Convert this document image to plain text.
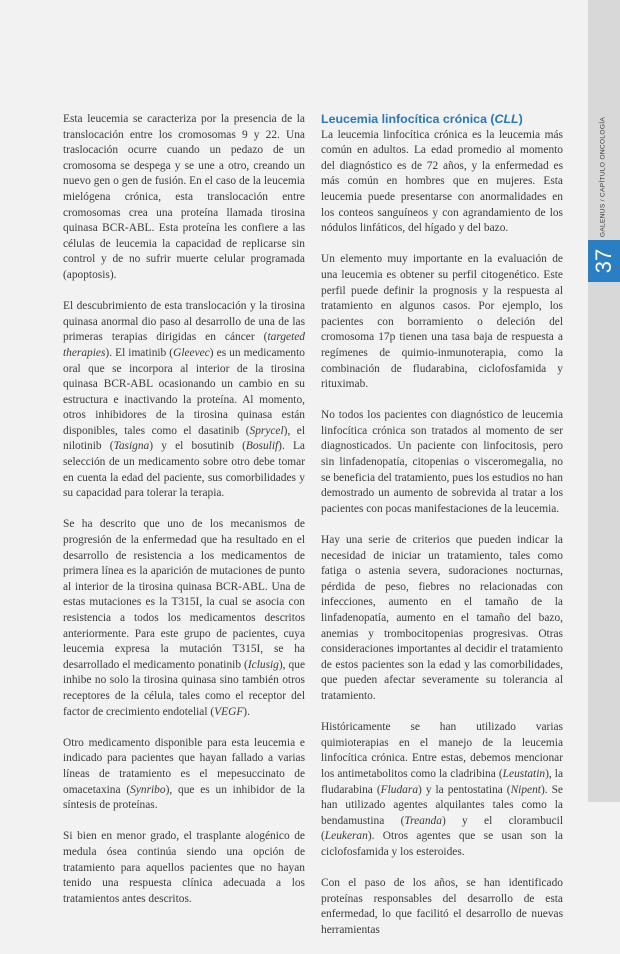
GALENUS / CAPÍTULO ONCOLOGÍA
37

Esta leucemia se caracteriza por la presencia de la translocación entre los cromosomas 9 y 22. Una traslocación ocurre cuando un pedazo de un cromosoma se despega y se une a otro, creando un nuevo gen o gen de fusión. En el caso de la leucemia mielógena crónica, esta translocación entre cromosomas crea una proteína llamada tirosina quinasa BCR-ABL. Esta proteína les confiere a las células de leucemia la capacidad de replicarse sin control y de no sufrir muerte celular programada (apoptosis).

El descubrimiento de esta translocación y la tirosina quinasa anormal dio paso al desarrollo de una de las primeras terapias dirigidas en cáncer (targeted therapies). El imatinib (Gleevec) es un medicamento oral que se incorpora al interior de la tirosina quinasa BCR-ABL ocasionando un cambio en su estructura e inactivando la proteína. Al momento, otros inhibidores de la tirosina quinasa están disponibles, tales como el dasatinib (Sprycel), el nilotinib (Tasigna) y el bosutinib (Bosulif). La selección de un medicamento sobre otro debe tomar en cuenta la edad del paciente, sus comorbilidades y su capacidad para tolerar la terapia.

Se ha descrito que uno de los mecanismos de progresión de la enfermedad que ha resultado en el desarrollo de resistencia a los medicamentos de primera línea es la aparición de mutaciones de punto al interior de la tirosina quinasa BCR-ABL. Una de estas mutaciones es la T315I, la cual se asocia con resistencia a todos los medicamentos descritos anteriormente. Para este grupo de pacientes, cuya leucemia expresa la mutación T315I, se ha desarrollado el medicamento ponatinib (Iclusig), que inhibe no solo la tirosina quinasa sino también otros receptores de la célula, tales como el receptor del factor de crecimiento endotelial (VEGF).

Otro medicamento disponible para esta leucemia e indicado para pacientes que hayan fallado a varias líneas de tratamiento es el mepesuccinato de omacetaxina (Synribo), que es un inhibidor de la síntesis de proteínas.

Si bien en menor grado, el trasplante alogénico de medula ósea continúa siendo una opción de tratamiento para aquellos pacientes que no hayan tenido una respuesta clínica adecuada a los tratamientos antes descritos.

Leucemia linfocítica crónica (CLL)

La leucemia linfocítica crónica es la leucemia más común en adultos. La edad promedio al momento del diagnóstico es de 72 años, y la enfermedad es más común en hombres que en mujeres. Esta leucemia puede presentarse con anormalidades en los conteos sanguíneos y con agrandamiento de los nódulos linfáticos, del hígado y del bazo.

Un elemento muy importante en la evaluación de una leucemia es obtener su perfil citogenético. Este perfil puede definir la prognosis y la respuesta al tratamiento en algunos casos. Por ejemplo, los pacientes con borramiento o deleción del cromosoma 17p tienen una tasa baja de respuesta a regímenes de quimio-inmunoterapia, como la combinación de fludarabina, ciclofosfamida y rituximab.

No todos los pacientes con diagnóstico de leucemia linfocítica crónica son tratados al momento de ser diagnosticados. Un paciente con linfocitosis, pero sin linfadenopatía, citopenias o visceromegalia, no se beneficia del tratamiento, pues los estudios no han demostrado un aumento de sobrevida al tratar a los pacientes con pocas manifestaciones de la leucemia.

Hay una serie de criterios que pueden indicar la necesidad de iniciar un tratamiento, tales como fatiga o astenia severa, sudoraciones nocturnas, pérdida de peso, fiebres no relacionadas con infecciones, aumento en el tamaño de la linfadenopatía, aumento en el tamaño del bazo, anemias y trombocitopenias progresivas. Otras consideraciones importantes al decidir el tratamiento de estos pacientes son la edad y las comorbilidades, que pueden afectar severamente su tolerancia al tratamiento.

Históricamente se han utilizado varias quimioterapias en el manejo de la leucemia linfocítica crónica. Entre estas, debemos mencionar los antimetabolitos como la cladribina (Leustatin), la fludarabina (Fludara) y la pentostatina (Nipent). Se han utilizado agentes alquilantes tales como la bendamustina (Treanda) y el clorambucil (Leukeran). Otros agentes que se usan son la ciclofosfamida y los esteroides.

Con el paso de los años, se han identificado proteínas responsables del desarrollo de esta enfermedad, lo que facilitó el desarrollo de nuevas herramientas
